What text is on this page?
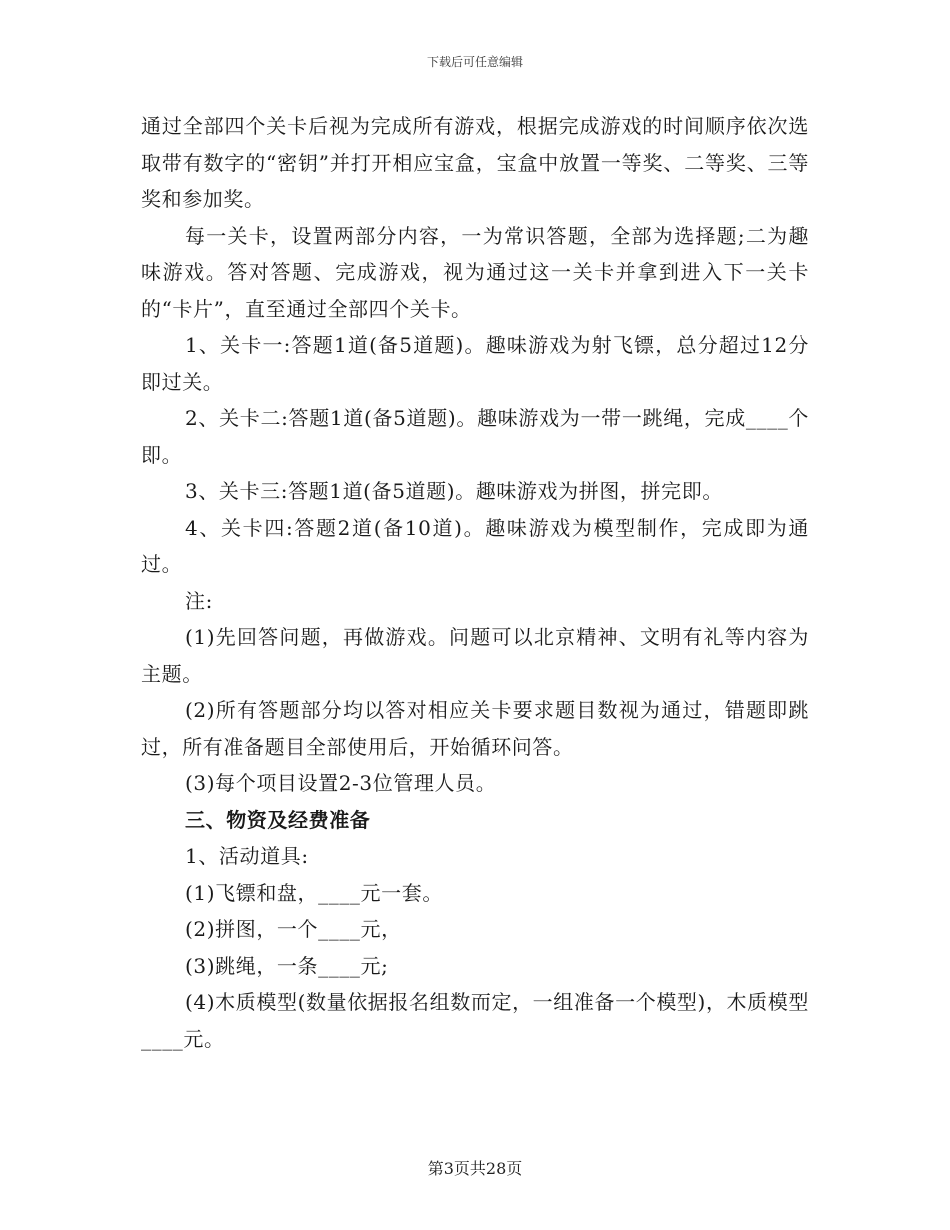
下载后可任意编辑

通过全部四个关卡后视为完成所有游戏，根据完成游戏的时间顺序依次选取带有数字的“密钥”并打开相应宝盒，宝盒中放置一等奖、二等奖、三等奖和参加奖。

每一关卡，设置两部分内容，一为常识答题，全部为选择题;二为趣味游戏。答对答题、完成游戏，视为通过这一关卡并拿到进入下一关卡的“卡片”，直至通过全部四个关卡。

1、关卡一:答题1道(备5道题)。趣味游戏为射飞镖，总分超过12分即过关。

2、关卡二:答题1道(备5道题)。趣味游戏为一带一跳绳，完成____个即。

3、关卡三:答题1道(备5道题)。趣味游戏为拼图，拼完即。

4、关卡四:答题2道(备10道)。趣味游戏为模型制作，完成即为通过。

注:

(1)先回答问题，再做游戏。问题可以北京精神、文明有礼等内容为主题。

(2)所有答题部分均以答对相应关卡要求题目数视为通过，错题即跳过，所有准备题目全部使用后，开始循环问答。

(3)每个项目设置2-3位管理人员。

三、物资及经费准备

1、活动道具:

(1)飞镖和盘，____元一套。

(2)拼图，一个____元，

(3)跳绳，一条____元;

(4)木质模型(数量依据报名组数而定，一组准备一个模型)，木质模型____元。

第3页共28页
